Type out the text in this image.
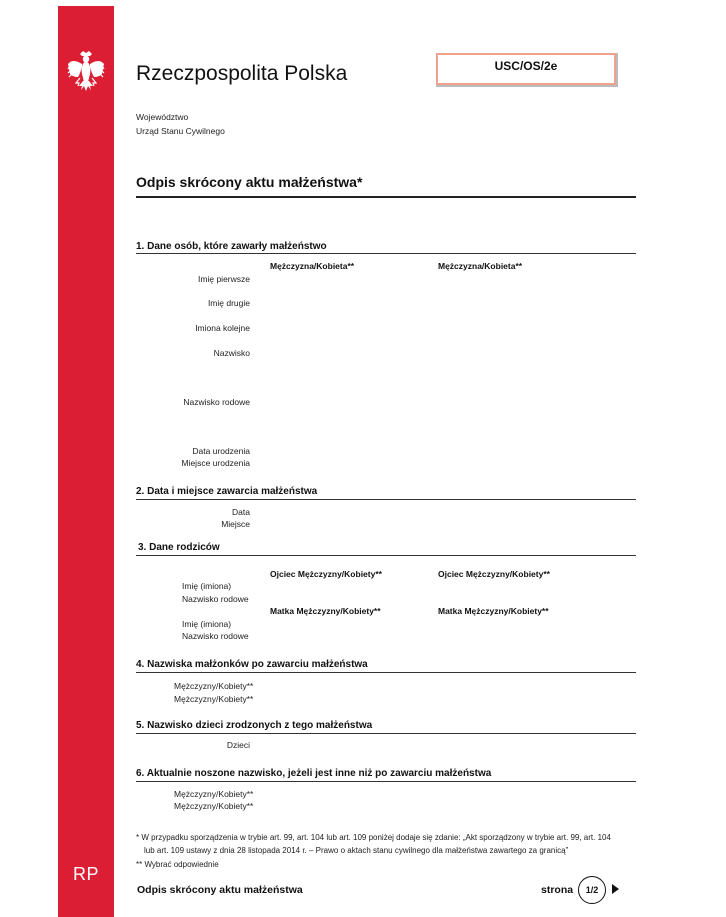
RP
Rzeczpospolita Polska	USC/OS/2e
Województwo
Urząd Stanu Cywilnego
Odpis skrócony aktu małżeństwa*
1. Dane osób, które zawarły małżeństwo
Mężczyzna/Kobieta**	Mężczyzna/Kobieta**
Imię pierwsze
Imię drugie
Imiona kolejne
Nazwisko
Nazwisko rodowe
Data urodzenia
Miejsce urodzenia
2. Data i miejsce zawarcia małżeństwa
Data
Miejsce
3. Dane rodziców
Ojciec Mężczyzny/Kobiety**	Ojciec Mężczyzny/Kobiety**
Imię (imiona)
Nazwisko rodowe
Matka Mężczyzny/Kobiety**	Matka Mężczyzny/Kobiety**
Imię (imiona)
Nazwisko rodowe
4. Nazwiska małżonków po zawarciu małżeństwa
Mężczyzny/Kobiety**
Mężczyzny/Kobiety**
5. Nazwisko dzieci zrodzonych z tego małżeństwa
Dzieci
6. Aktualnie noszone nazwisko, jeżeli jest inne niż po zawarciu małżeństwa
Mężczyzny/Kobiety**
Mężczyzny/Kobiety**
* W przypadku sporządzenia w trybie art. 99, art. 104 lub art. 109 poniżej dodaje się zdanie: „Akt sporządzony w trybie art. 99, art. 104
lub art. 109 ustawy z dnia 28 listopada 2014 r. – Prawo o aktach stanu cywilnego dla małżeństwa zawartego za granicą”
** Wybrać odpowiednie
Odpis skrócony aktu małżeństwa	strona	1/2
